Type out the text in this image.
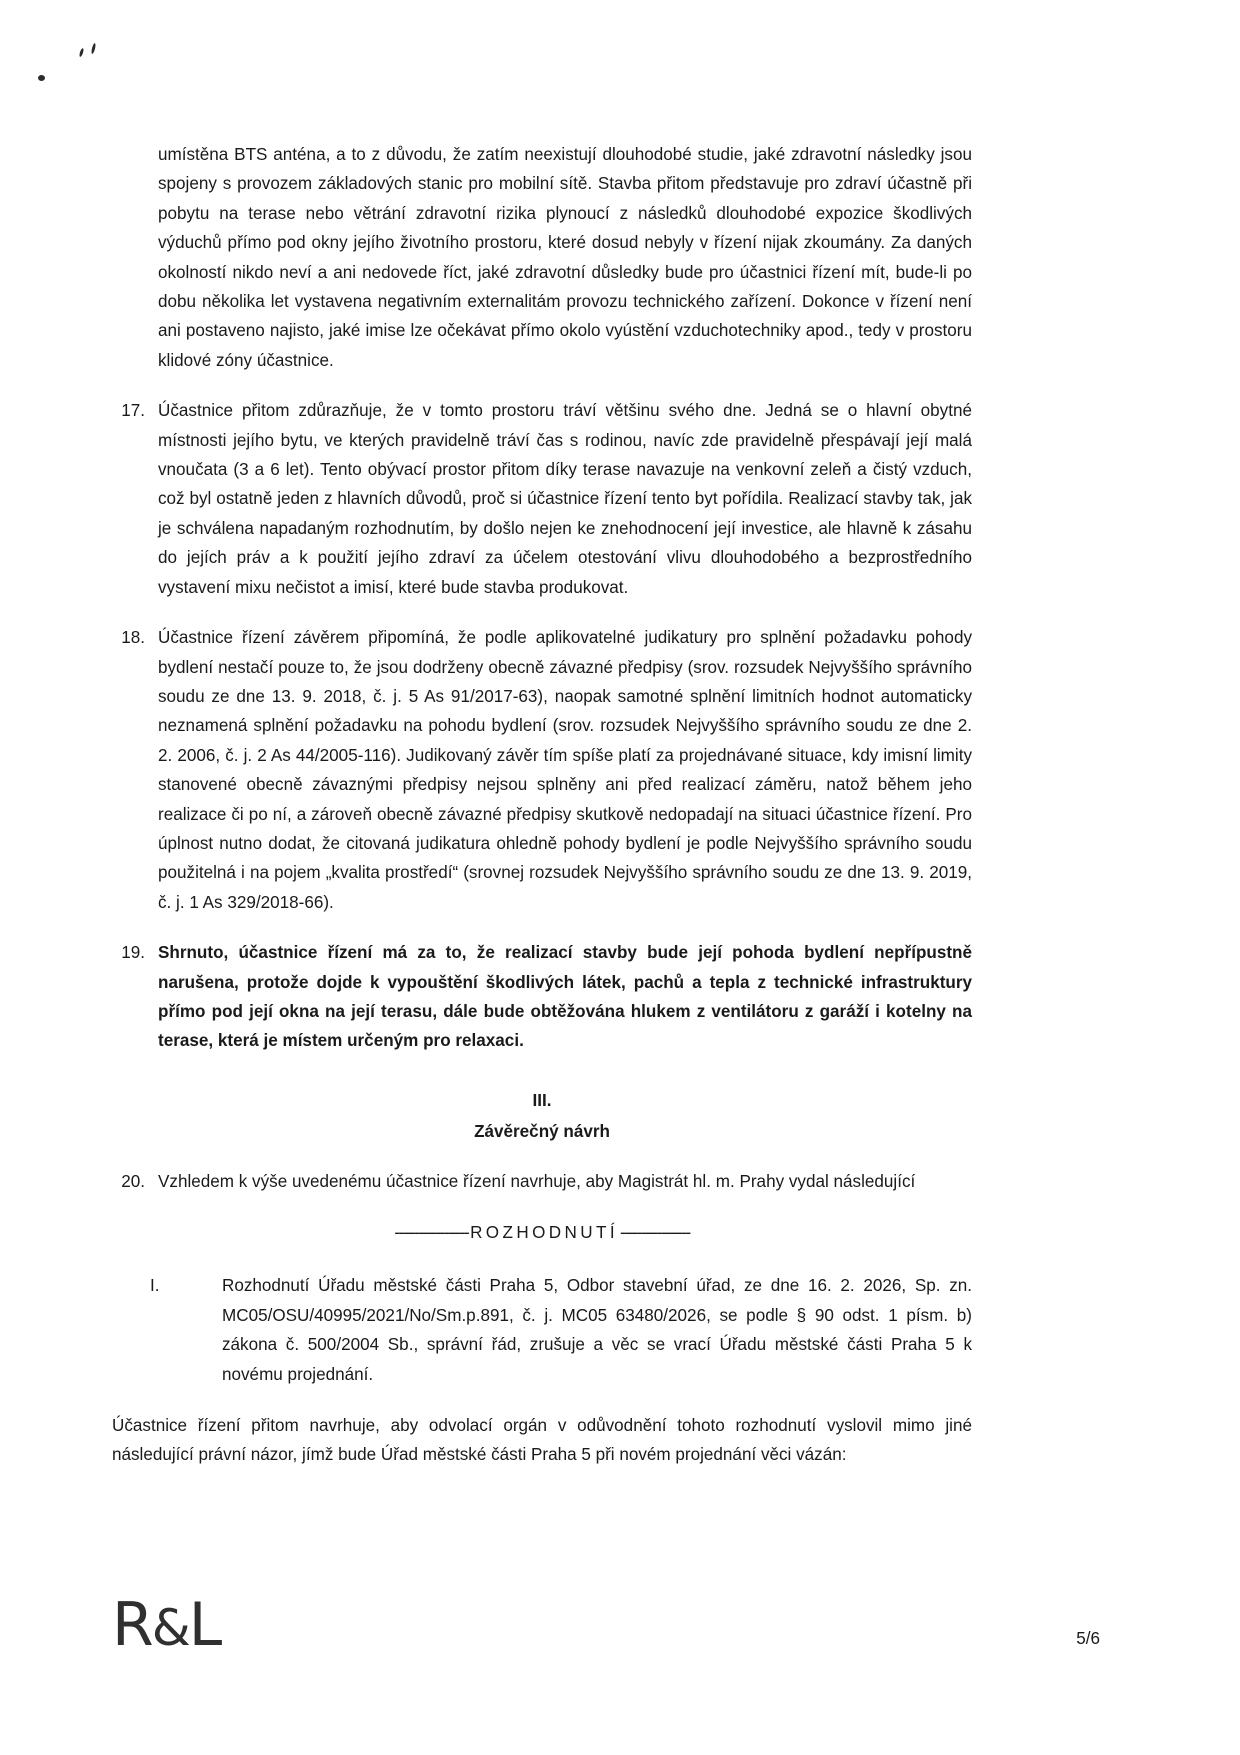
umístěna BTS anténa, a to z důvodu, že zatím neexistují dlouhodobé studie, jaké zdravotní následky jsou spojeny s provozem základových stanic pro mobilní sítě. Stavba přitom představuje pro zdraví účastně při pobytu na terase nebo větrání zdravotní rizika plynoucí z následků dlouhodobé expozice škodlivých výduchů přímo pod okny jejího životního prostoru, které dosud nebyly v řízení nijak zkoumány. Za daných okolností nikdo neví a ani nedovede říct, jaké zdravotní důsledky bude pro účastnici řízení mít, bude-li po dobu několika let vystavena negativním externalitám provozu technického zařízení. Dokonce v řízení není ani postaveno najisto, jaké imise lze očekávat přímo okolo vyústění vzduchotechniky apod., tedy v prostoru klidové zóny účastnice.

17. Účastnice přitom zdůrazňuje, že v tomto prostoru tráví většinu svého dne. Jedná se o hlavní obytné místnosti jejího bytu, ve kterých pravidelně tráví čas s rodinou, navíc zde pravidelně přespávají její malá vnoučata (3 a 6 let). Tento obývací prostor přitom díky terase navazuje na venkovní zeleň a čistý vzduch, což byl ostatně jeden z hlavních důvodů, proč si účastnice řízení tento byt pořídila. Realizací stavby tak, jak je schválena napadaným rozhodnutím, by došlo nejen ke znehodnocení její investice, ale hlavně k zásahu do jejích práv a k použití jejího zdraví za účelem otestování vlivu dlouhodobého a bezprostředního vystavení mixu nečistot a imisí, které bude stavba produkovat.
18. Účastnice řízení závěrem připomíná, že podle aplikovatelné judikatury pro splnění požadavku pohody bydlení nestačí pouze to, že jsou dodrženy obecně závazné předpisy (srov. rozsudek Nejvyššího správního soudu ze dne 13. 9. 2018, č. j. 5 As 91/2017-63), naopak samotné splnění limitních hodnot automaticky neznamená splnění požadavku na pohodu bydlení (srov. rozsudek Nejvyššího správního soudu ze dne 2. 2. 2006, č. j. 2 As 44/2005-116). Judikovaný závěr tím spíše platí za projednávané situace, kdy imisní limity stanovené obecně závaznými předpisy nejsou splněny ani před realizací záměru, natož během jeho realizace či po ní, a zároveň obecně závazné předpisy skutkově nedopadají na situaci účastnice řízení. Pro úplnost nutno dodat, že citovaná judikatura ohledně pohody bydlení je podle Nejvyššího správního soudu použitelná i na pojem „kvalita prostředí“ (srovnej rozsudek Nejvyššího správního soudu ze dne 13. 9. 2019, č. j. 1 As 329/2018-66).
19. Shrnuto, účastnice řízení má za to, že realizací stavby bude její pohoda bydlení nepřípustně narušena, protože dojde k vypouštění škodlivých látek, pachů a tepla z technické infrastruktury přímo pod její okna na její terasu, dále bude obtěžována hlukem z ventilátoru z garáží i kotelny na terase, která je místem určeným pro relaxaci.
III.
Závěrečný návrh
20. Vzhledem k výše uvedenému účastnice řízení navrhuje, aby Magistrát hl. m. Prahy vydal následující
------------------ ROZHODNUTÍ -----------------
I.	Rozhodnutí Úřadu městské části Praha 5, Odbor stavební úřad, ze dne 16. 2. 2026, Sp. zn. MC05/OSU/40995/2021/No/Sm.p.891, č. j. MC05 63480/2026, se podle § 90 odst. 1 písm. b) zákona č. 500/2004 Sb., správní řád, zrušuje a věc se vrací Úřadu městské části Praha 5 k novému projednání.

Účastnice řízení přitom navrhuje, aby odvolací orgán v odůvodnění tohoto rozhodnutí vyslovil mimo jiné následující právní názor, jímž bude Úřad městské části Praha 5 při novém projednání věci vázán:

R&L	5/6
